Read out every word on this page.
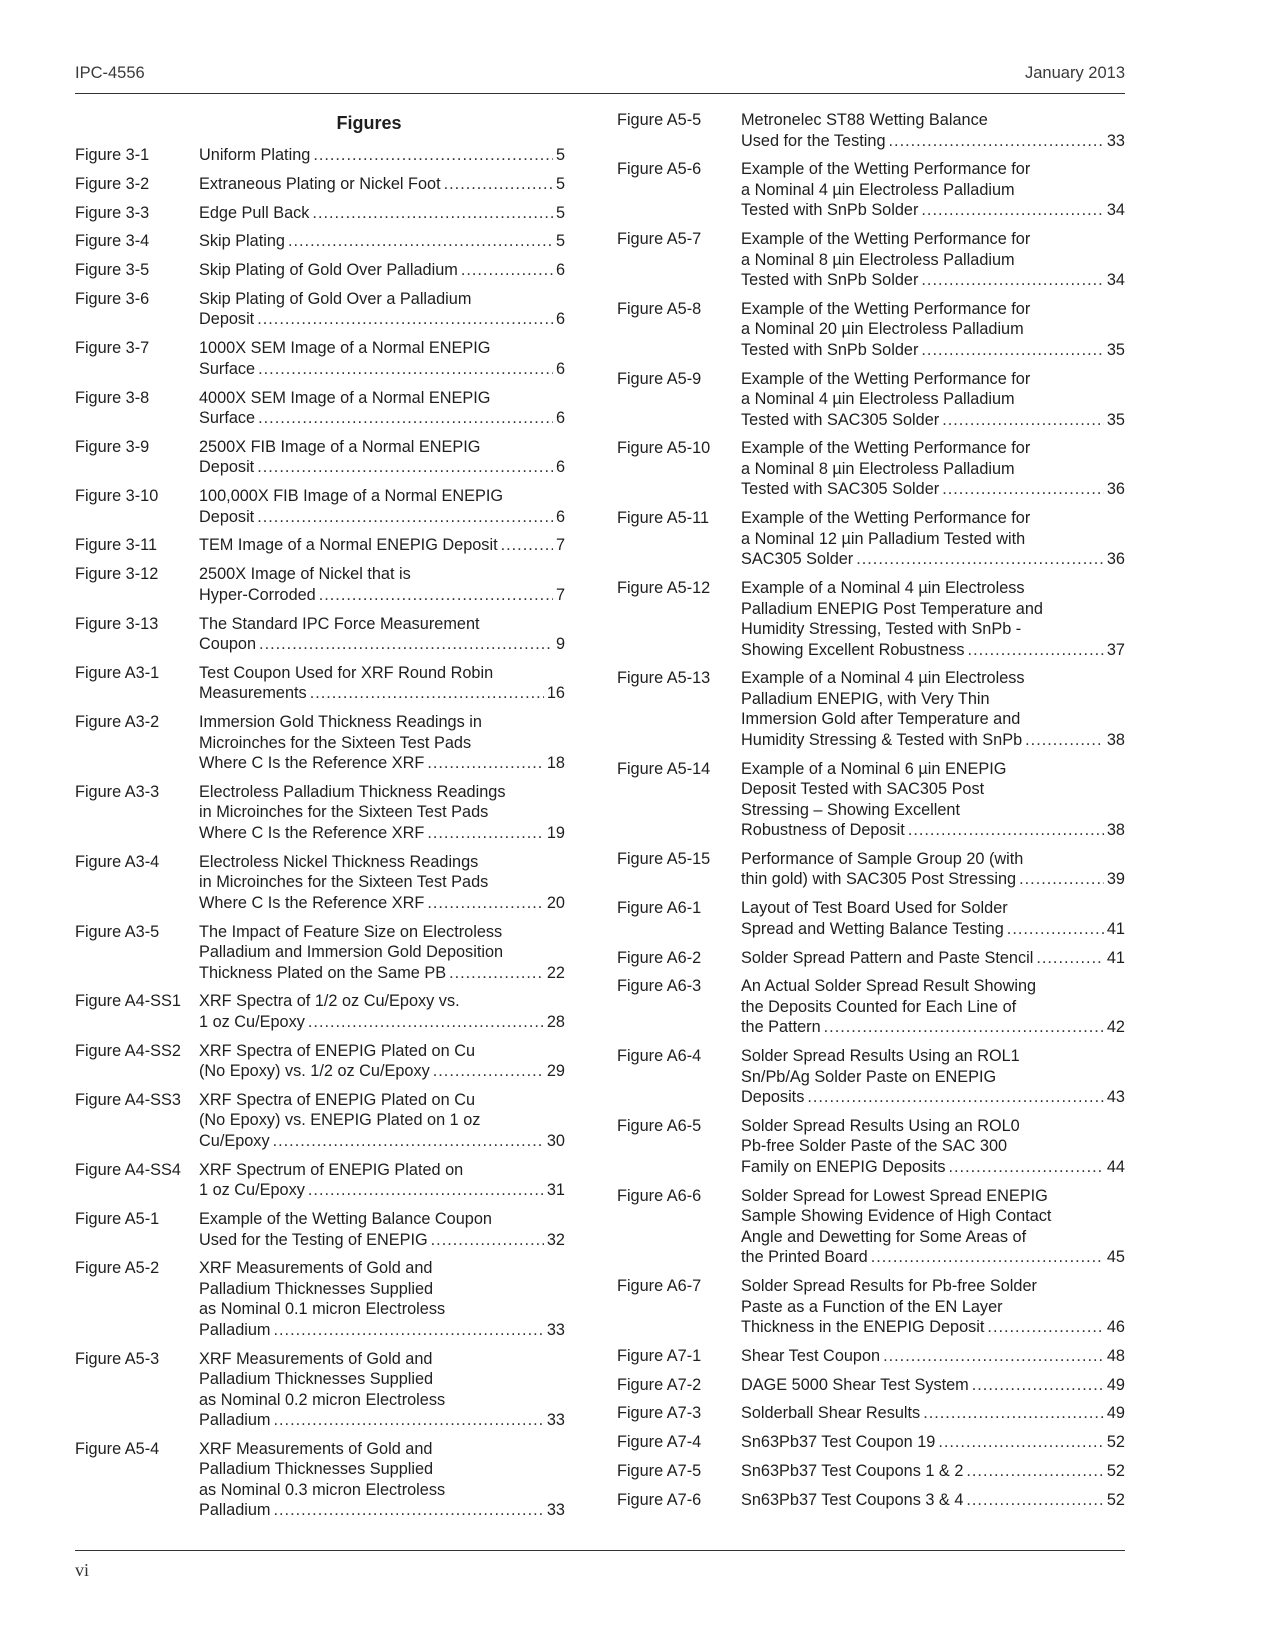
IPC-4556	January 2013
Figures
Figure 3-1	Uniform Plating .....	5
Figure 3-2	Extraneous Plating or Nickel Foot .....	5
Figure 3-3	Edge Pull Back .....	5
Figure 3-4	Skip Plating .....	5
Figure 3-5	Skip Plating of Gold Over Palladium .....	6
Figure 3-6	Skip Plating of Gold Over a Palladium
Deposit .....	6
Figure 3-7	1000X SEM Image of a Normal ENEPIG
Surface .....	6
Figure 3-8	4000X SEM Image of a Normal ENEPIG
Surface .....	6
Figure 3-9	2500X FIB Image of a Normal ENEPIG
Deposit .....	6
Figure 3-10	100,000X FIB Image of a Normal ENEPIG
Deposit .....	6
Figure 3-11	TEM Image of a Normal ENEPIG Deposit .....	7
Figure 3-12	2500X Image of Nickel that is
Hyper-Corroded .....	7
Figure 3-13	The Standard IPC Force Measurement
Coupon .....	9
Figure A3-1	Test Coupon Used for XRF Round Robin
Measurements .....	16
Figure A3-2	Immersion Gold Thickness Readings in
Microinches for the Sixteen Test Pads
Where C Is the Reference XRF .....	18
Figure A3-3	Electroless Palladium Thickness Readings
in Microinches for the Sixteen Test Pads
Where C Is the Reference XRF .....	19
Figure A3-4	Electroless Nickel Thickness Readings
in Microinches for the Sixteen Test Pads
Where C Is the Reference XRF .....	20
Figure A3-5	The Impact of Feature Size on Electroless
Palladium and Immersion Gold Deposition
Thickness Plated on the Same PB .....	22
Figure A4-SS1	XRF Spectra of 1/2 oz Cu/Epoxy vs.
1 oz Cu/Epoxy .....	28
Figure A4-SS2	XRF Spectra of ENEPIG Plated on Cu
(No Epoxy) vs. 1/2 oz Cu/Epoxy .....	29
Figure A4-SS3	XRF Spectra of ENEPIG Plated on Cu
(No Epoxy) vs. ENEPIG Plated on 1 oz
Cu/Epoxy .....	30
Figure A4-SS4	XRF Spectrum of ENEPIG Plated on
1 oz Cu/Epoxy .....	31
Figure A5-1	Example of the Wetting Balance Coupon
Used for the Testing of ENEPIG .....	32
Figure A5-2	XRF Measurements of Gold and
Palladium Thicknesses Supplied
as Nominal 0.1 micron Electroless
Palladium .....	33
Figure A5-3	XRF Measurements of Gold and
Palladium Thicknesses Supplied
as Nominal 0.2 micron Electroless
Palladium .....	33
Figure A5-4	XRF Measurements of Gold and
Palladium Thicknesses Supplied
as Nominal 0.3 micron Electroless
Palladium .....	33
Figure A5-5	Metronelec ST88 Wetting Balance
Used for the Testing .....	33
Figure A5-6	Example of the Wetting Performance for
a Nominal 4 µin Electroless Palladium
Tested with SnPb Solder .....	34
Figure A5-7	Example of the Wetting Performance for
a Nominal 8 µin Electroless Palladium
Tested with SnPb Solder .....	34
Figure A5-8	Example of the Wetting Performance for
a Nominal 20 µin Electroless Palladium
Tested with SnPb Solder .....	35
Figure A5-9	Example of the Wetting Performance for
a Nominal 4 µin Electroless Palladium
Tested with SAC305 Solder .....	35
Figure A5-10	Example of the Wetting Performance for
a Nominal 8 µin Electroless Palladium
Tested with SAC305 Solder .....	36
Figure A5-11	Example of the Wetting Performance for
a Nominal 12 µin Palladium Tested with
SAC305 Solder .....	36
Figure A5-12	Example of a Nominal 4 µin Electroless
Palladium ENEPIG Post Temperature and
Humidity Stressing, Tested with SnPb -
Showing Excellent Robustness .....	37
Figure A5-13	Example of a Nominal 4 µin Electroless
Palladium ENEPIG, with Very Thin
Immersion Gold after Temperature and
Humidity Stressing & Tested with SnPb .....	38
Figure A5-14	Example of a Nominal 6 µin ENEPIG
Deposit Tested with SAC305 Post
Stressing – Showing Excellent
Robustness of Deposit .....	38
Figure A5-15	Performance of Sample Group 20 (with
thin gold) with SAC305 Post Stressing .....	39
Figure A6-1	Layout of Test Board Used for Solder
Spread and Wetting Balance Testing .....	41
Figure A6-2	Solder Spread Pattern and Paste Stencil .....	41
Figure A6-3	An Actual Solder Spread Result Showing
the Deposits Counted for Each Line of
the Pattern .....	42
Figure A6-4	Solder Spread Results Using an ROL1
Sn/Pb/Ag Solder Paste on ENEPIG
Deposits .....	43
Figure A6-5	Solder Spread Results Using an ROL0
Pb-free Solder Paste of the SAC 300
Family on ENEPIG Deposits .....	44
Figure A6-6	Solder Spread for Lowest Spread ENEPIG
Sample Showing Evidence of High Contact
Angle and Dewetting for Some Areas of
the Printed Board .....	45
Figure A6-7	Solder Spread Results for Pb-free Solder
Paste as a Function of the EN Layer
Thickness in the ENEPIG Deposit .....	46
Figure A7-1	Shear Test Coupon .....	48
Figure A7-2	DAGE 5000 Shear Test System .....	49
Figure A7-3	Solderball Shear Results .....	49
Figure A7-4	Sn63Pb37 Test Coupon 19 .....	52
Figure A7-5	Sn63Pb37 Test Coupons 1 & 2 .....	52
Figure A7-6	Sn63Pb37 Test Coupons 3 & 4 .....	52
vi
